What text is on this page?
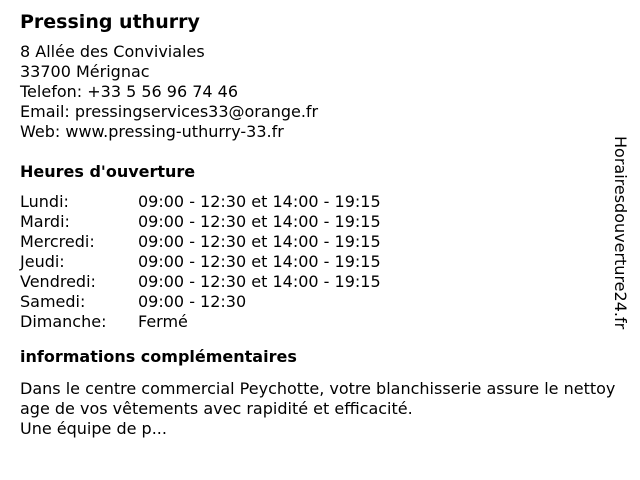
Pressing uthurry
8 Allée des Conviviales
33700 Mérignac
Telefon: +33 5 56 96 74 46
Email: pressingservices33@orange.fr
Web: www.pressing-uthurry-33.fr
Heures d'ouverture
Lundi:	09:00 - 12:30 et 14:00 - 19:15
Mardi:	09:00 - 12:30 et 14:00 - 19:15
Mercredi:	09:00 - 12:30 et 14:00 - 19:15
Jeudi:	09:00 - 12:30 et 14:00 - 19:15
Vendredi:	09:00 - 12:30 et 14:00 - 19:15
Samedi:	09:00 - 12:30
Dimanche:	Fermé
informations complémentaires
Dans le centre commercial Peychotte, votre blanchisserie assure le nettoyage de vos vêtements avec rapidité et efficacité.
Une équipe de p...
Horairesdouverture24.fr
